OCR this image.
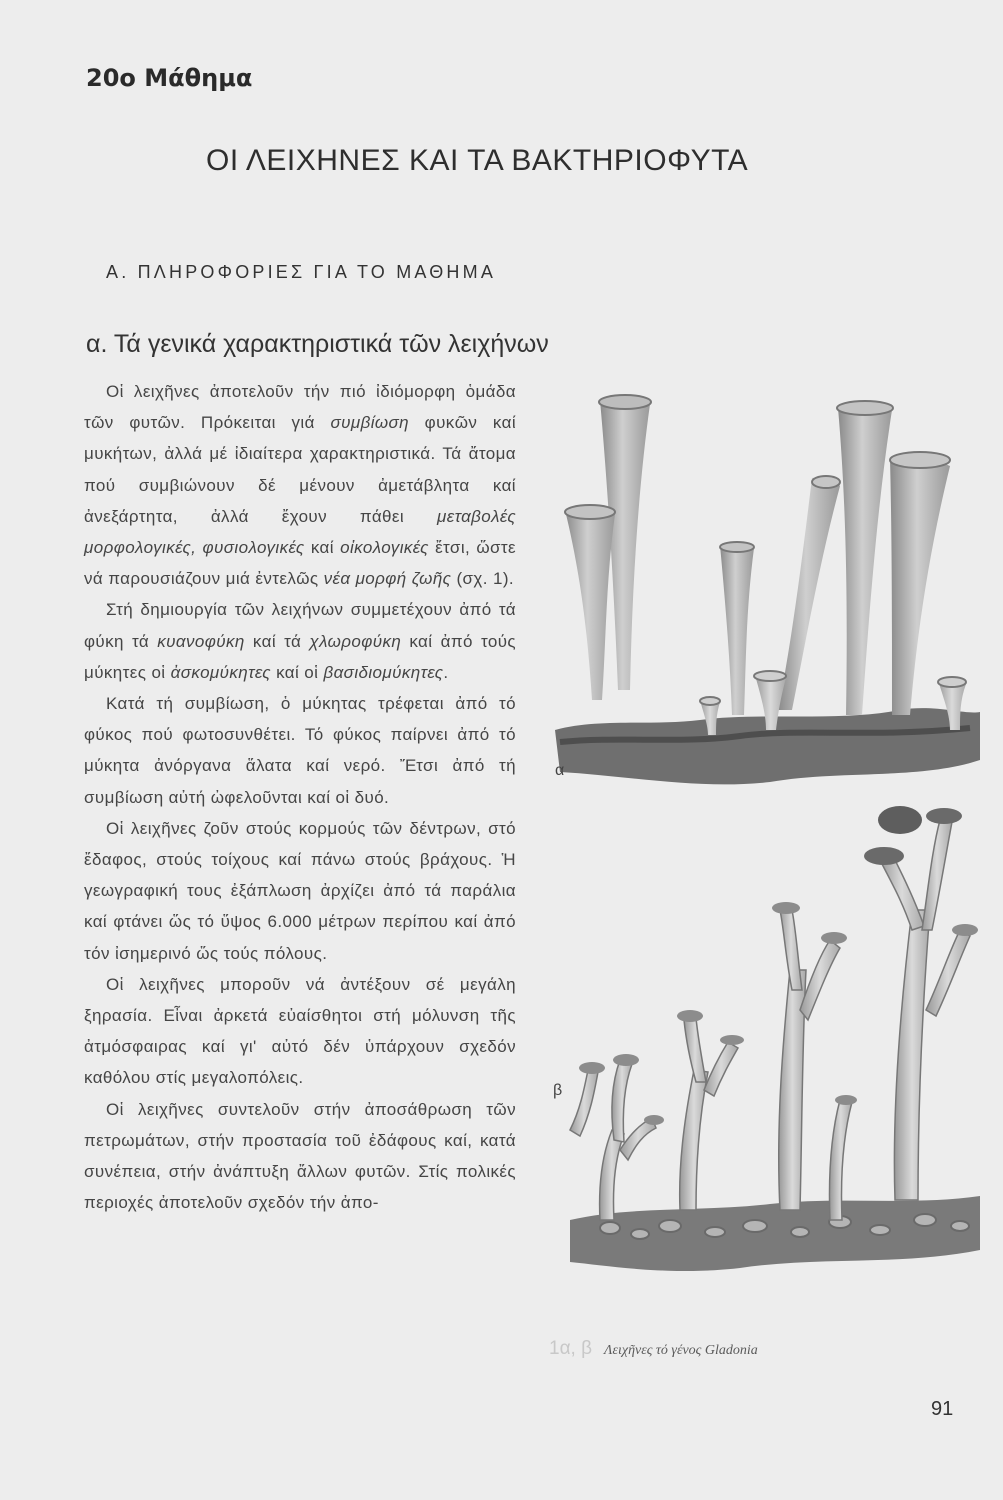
20ο Μάθημα
ΟΙ ΛΕΙΧΗΝΕΣ ΚΑΙ ΤΑ ΒΑΚΤΗΡΙΟΦΥΤΑ
Α. ΠΛΗΡΟΦΟΡΙΕΣ ΓΙΑ ΤΟ ΜΑΘΗΜΑ
α. Τά γενικά χαρακτηριστικά τῶν λειχήνων

Οἱ λειχῆνες ἀποτελοῦν τήν πιό ἰδιόμορφη ὁμάδα τῶν φυτῶν. Πρόκειται γιά συμβίωση φυκῶν καί μυκήτων, ἀλλά μέ ἰδιαίτερα χαρακτηριστικά. Τά ἄτομα πού συμβιώνουν δέ μένουν ἀμετάβλητα καί ἀνεξάρτητα, ἀλλά ἔχουν πάθει μεταβολές μορφολογικές, φυσιολογικές καί οἰκολογικές ἔτσι, ὥστε νά παρουσιάζουν μιά ἐντελῶς νέα μορφή ζωῆς (σχ. 1).

Στή δημιουργία τῶν λειχήνων συμμετέχουν ἀπό τά φύκη τά κυανοφύκη καί τά χλωροφύκη καί ἀπό τούς μύκητες οἱ ἀσκομύκητες καί οἱ βασιδιομύκητες.

Κατά τή συμβίωση, ὁ μύκητας τρέφεται ἀπό τό φύκος πού φωτοσυνθέτει. Τό φύκος παίρνει ἀπό τό μύκητα ἀνόργανα ἅλατα καί νερό. Ἔτσι ἀπό τή συμβίωση αὐτή ὠφελοῦνται καί οἱ δυό.

Οἱ λειχῆνες ζοῦν στούς κορμούς τῶν δέντρων, στό ἔδαφος, στούς τοίχους καί πάνω στούς βράχους. Ἡ γεωγραφική τους ἐξάπλωση ἀρχίζει ἀπό τά παράλια καί φτάνει ὥς τό ὕψος 6.000 μέτρων περίπου καί ἀπό τόν ἰσημερινό ὥς τούς πόλους.

Οἱ λειχῆνες μποροῦν νά ἀντέξουν σέ μεγάλη ξηρασία. Εἶναι ἀρκετά εὐαίσθητοι στή μόλυνση τῆς ἀτμόσφαιρας καί γι' αὐτό δέν ὑπάρχουν σχεδόν καθόλου στίς μεγαλοπόλεις.

Οἱ λειχῆνες συντελοῦν στήν ἀποσάθρωση τῶν πετρωμάτων, στήν προστασία τοῦ ἐδάφους καί, κατά συνέπεια, στήν ἀνάπτυξη ἄλλων φυτῶν. Στίς πολικές περιοχές ἀποτελοῦν σχεδόν τήν ἀπο-

α
β
1α, β Λειχῆνες τό γένος Gladonia
91
